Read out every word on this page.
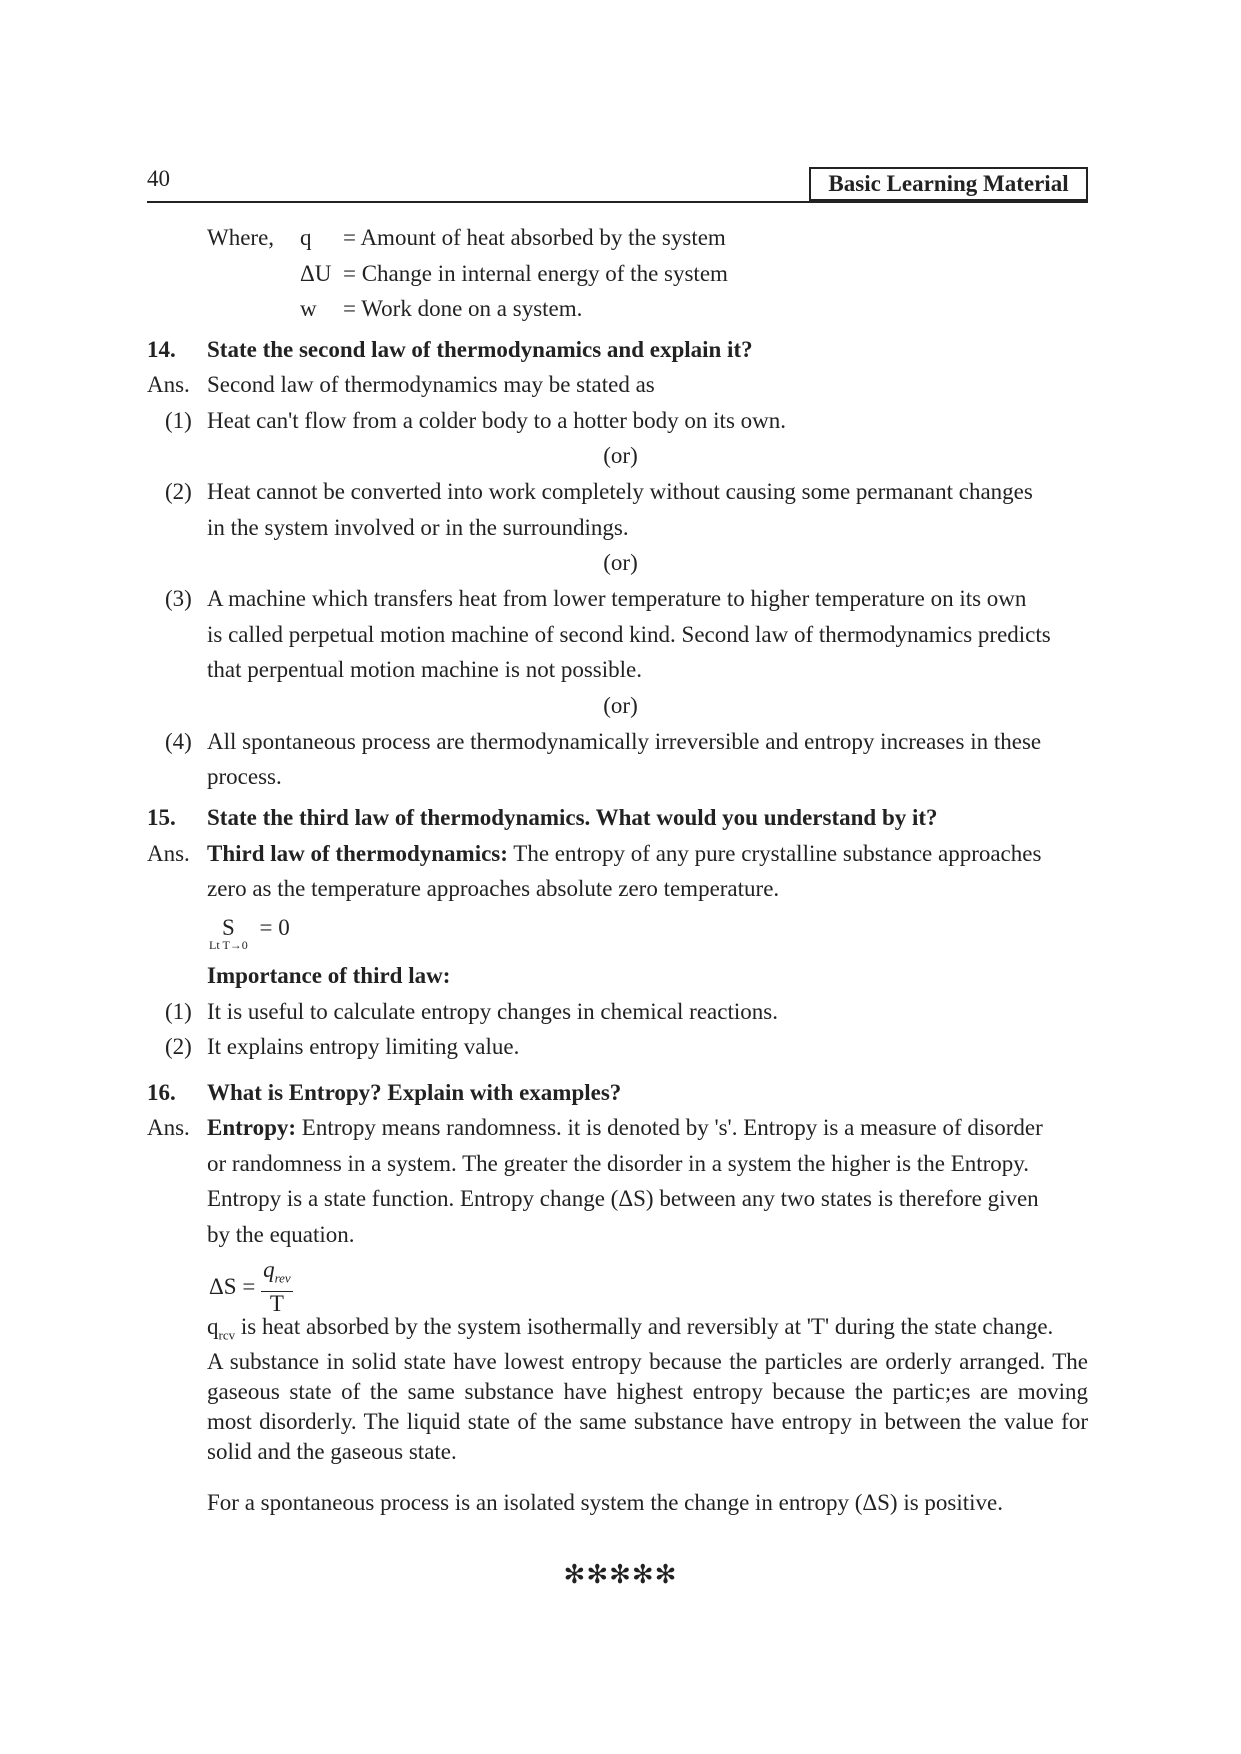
40	Basic Learning Material
Where, q = Amount of heat absorbed by the system
ΔU = Change in internal energy of the system
w = Work done on a system.
14. State the second law of thermodynamics and explain it?
Ans. Second law of thermodynamics may be stated as
(1) Heat can't flow from a colder body to a hotter body on its own.
(or)
(2) Heat cannot be converted into work completely without causing some permanant changes
in the system involved or in the surroundings.
(or)
(3) A machine which transfers heat from lower temperature to higher temperature on its own
is called perpetual motion machine of second kind. Second law of thermodynamics predicts
that perpentual motion machine is not possible.
(or)
(4) All spontaneous process are thermodynamically irreversible and entropy increases in these
process.
15. State the third law of thermodynamics. What would you understand by it?
Ans. Third law of thermodynamics: The entropy of any pure crystalline substance approaches
zero as the temperature approaches absolute zero temperature.
S
Lt T→0
= 0
Importance of third law:
(1) It is useful to calculate entropy changes in chemical reactions.
(2) It explains entropy limiting value.
16. What is Entropy? Explain with examples?
Ans. Entropy: Entropy means randomness. it is denoted by 's'. Entropy is a measure of disorder
or randomness in a system. The greater the disorder in a system the higher is the Entropy.
Entropy is a state function. Entropy change (ΔS) between any two states is therefore given
by the equation.
$\Delta S = \frac{q_{rev}}{T}$
$q_{rcv}$ is heat absorbed by the system isothermally and reversibly at 'T' during the state change.
A substance in solid state have lowest entropy because the particles are orderly arranged. The gaseous state of the same substance have highest entropy because the partic;es are moving most disorderly. The liquid state of the same substance have entropy in between the value for solid and the gaseous state.
For a spontaneous process is an isolated system the change in entropy (ΔS) is positive.
✻✻✻✻✻
